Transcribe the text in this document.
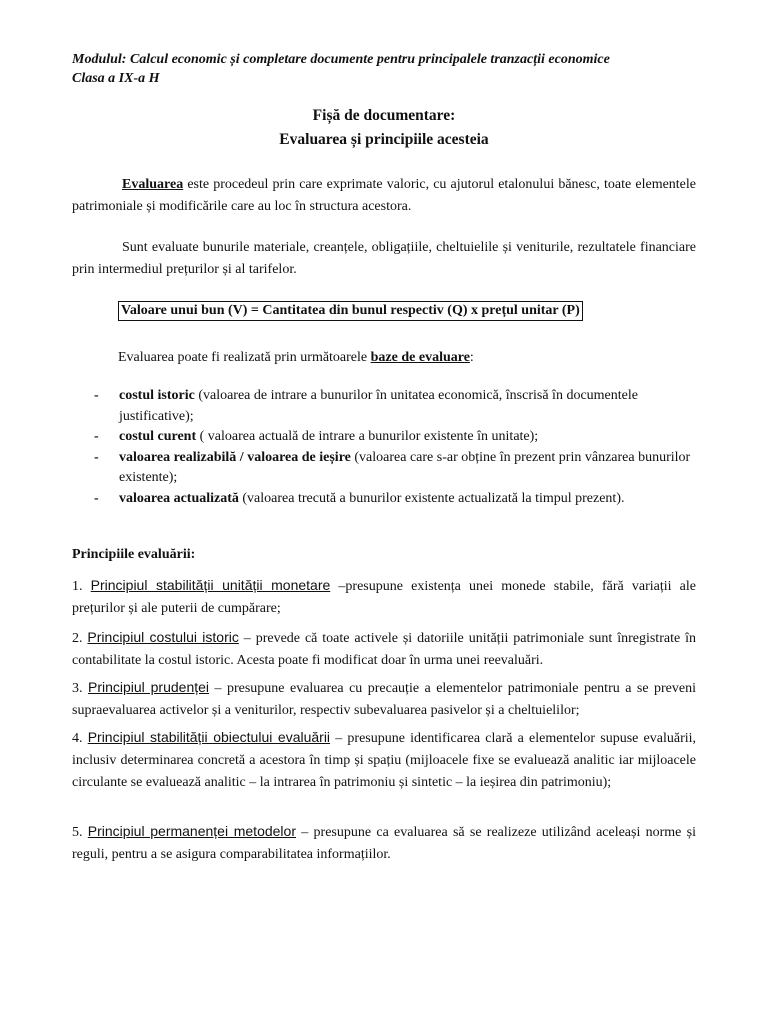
Modulul: Calcul economic și completare documente pentru principalele tranzacții economice
Clasa a IX-a H
Fișă de documentare:
Evaluarea și principiile acesteia
Evaluarea este procedeul prin care exprimate valoric, cu ajutorul etalonului bănesc, toate elementele patrimoniale și modificările care au loc în structura acestora.
Sunt evaluate bunurile materiale, creanțele, obligațiile, cheltuielile și veniturile, rezultatele financiare prin intermediul prețurilor și al tarifelor.
Valoare unui bun (V) = Cantitatea din bunul respectiv (Q) x prețul unitar (P)
Evaluarea poate fi realizată prin următoarele baze de evaluare:
- costul istoric (valoarea de intrare a bunurilor în unitatea economică, înscrisă în documentele justificative);
- costul curent ( valoarea actuală de intrare a bunurilor existente în unitate);
- valoarea realizabilă / valoarea de ieșire (valoarea care s-ar obține în prezent prin vânzarea bunurilor existente);
- valoarea actualizată (valoarea trecută a bunurilor existente actualizată la timpul prezent).
Principiile evaluării:
1. Principiul stabilității unității monetare –presupune existența unei monede stabile, fără variații ale prețurilor și ale puterii de cumpărare;
2. Principiul costului istoric – prevede că toate activele și datoriile unității patrimoniale sunt înregistrate în contabilitate la costul istoric. Acesta poate fi modificat doar în urma unei reevaluări.
3. Principiul prudenței – presupune evaluarea cu precauție a elementelor patrimoniale pentru a se preveni supraevaluarea activelor și a veniturilor, respectiv subevaluarea pasivelor și a cheltuielilor;
4. Principiul stabilității obiectului evaluării – presupune identificarea clară a elementelor supuse evaluării, inclusiv determinarea concretă a acestora în timp și spațiu (mijloacele fixe se evaluează analitic iar mijloacele circulante se evaluează analitic – la intrarea în patrimoniu și sintetic – la ieșirea din patrimoniu);
5. Principiul permanenței metodelor – presupune ca evaluarea să se realizeze utilizând aceleași norme și reguli, pentru a se asigura comparabilitatea informațiilor.
